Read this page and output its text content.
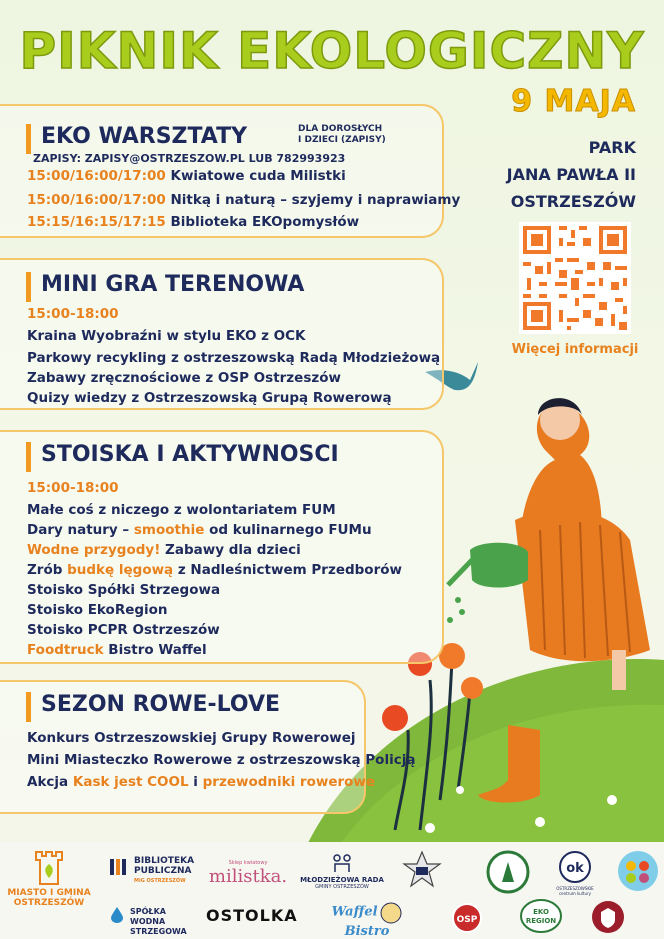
PIKNIK EKOLOGICZNY
9 MAJA
PARK
JANA PAWŁA II
OSTRZESZÓW
Więcej informacji
EKO WARSZTATY	DLA DOROSŁYCH
I DZIECI (ZAPISY)
ZAPISY: ZAPISY@OSTRZESZOW.PL LUB 782993923
15:00/16:00/17:00 Kwiatowe cuda Milistki
15:00/16:00/17:00 Nitką i naturą – szyjemy i naprawiamy
15:15/16:15/17:15 Biblioteka EKOpomysłów
MINI GRA TERENOWA
15:00-18:00
Kraina Wyobraźni w stylu EKO z OCK
Parkowy recykling z ostrzeszowską Radą Młodzieżową
Zabawy zręcznościowe z OSP Ostrzeszów
Quizy wiedzy z Ostrzeszowską Grupą Rowerową
STOISKA I AKTYWNOSCI
15:00-18:00
Małe coś z niczego z wolontariatem FUM
Dary natury – smoothie od kulinarnego FUMu
Wodne przygody! Zabawy dla dzieci
Zrób budkę lęgową z Nadleśnictwem Przedborów
Stoisko Spółki Strzegowa
Stoisko EkoRegion
Stoisko PCPR Ostrzeszów
Foodtruck Bistro Waffel
SEZON ROWE-LOVE
Konkurs Ostrzeszowskiej Grupy Rowerowej
Mini Miasteczko Rowerowe z ostrzeszowską Policją
Akcja Kask jest COOL i przewodniki rowerowe
MIASTO I GMINA
OSTRZESZÓW
BIBLIOTEKA
PUBLICZNA
MiG OSTRZESZÓW
SPÓŁKA WODNA
STRZEGOWA
Sklep kwiatowy
milistka.
OSTOLKA
MŁODZIEŻOWA RADA
GMINY OSTRZESZÓW
Waffel  Bistro
OSP
EKO
REGION
ok
OSTRZESZOWSKIE
centrum kultury
